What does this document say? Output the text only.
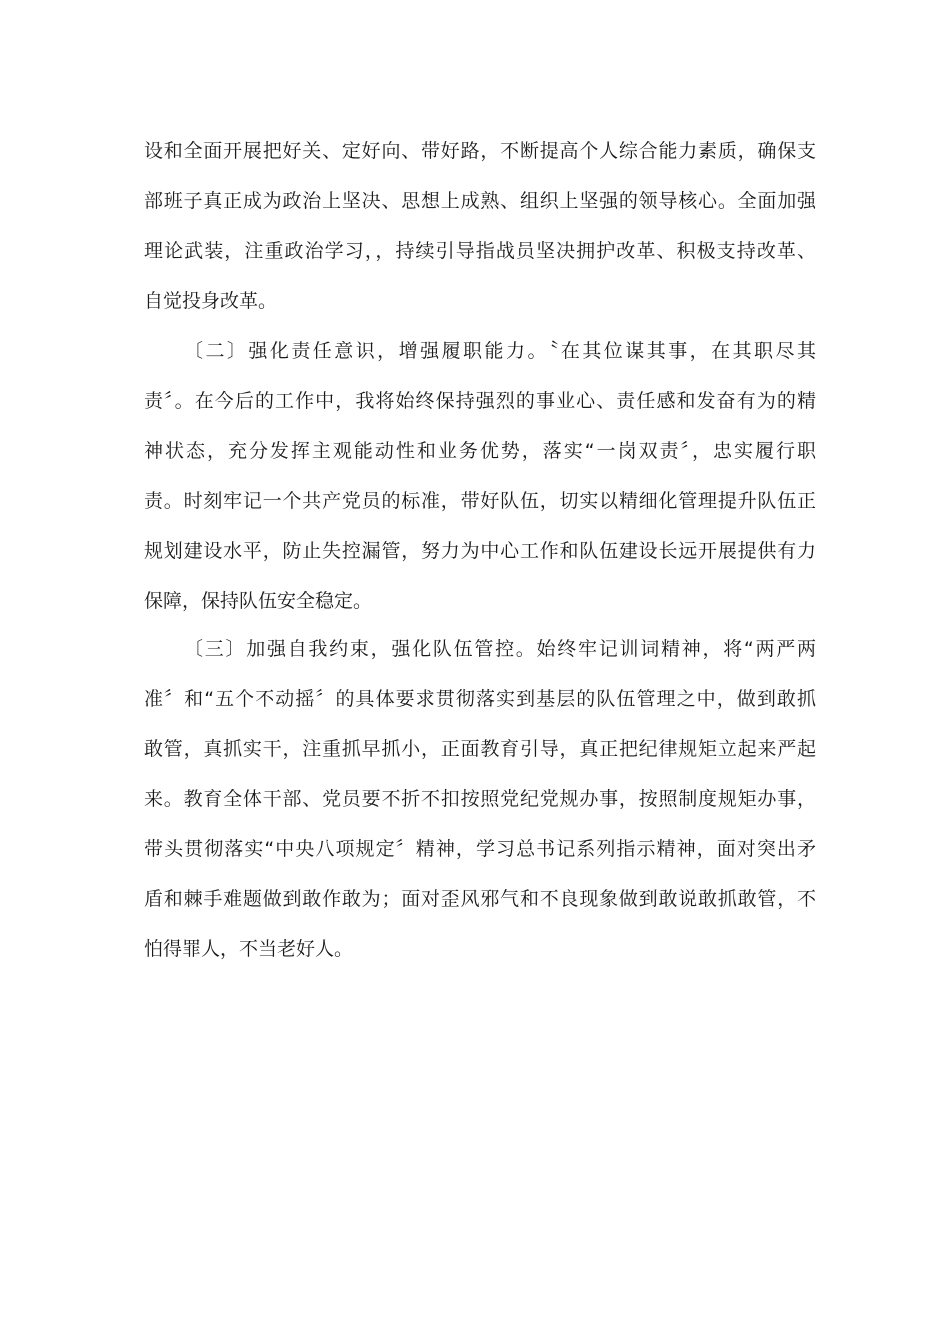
设和全面开展把好关、定好向、带好路，不断提高个人综合能力素质，确保支
部班子真正成为政治上坚决、思想上成熟、组织上坚强的领导核心。全面加强
理论武装，注重政治学习，，持续引导指战员坚决拥护改革、积极支持改革、
自觉投身改革。
〔二〕强化责任意识，增强履职能力。〝在其位谋其事，在其职尽其
责〞。在今后的工作中，我将始终保持强烈的事业心、责任感和发奋有为的精
神状态，充分发挥主观能动性和业务优势，落实“一岗双责〞，忠实履行职
责。时刻牢记一个共产党员的标准，带好队伍，切实以精细化管理提升队伍正
规划建设水平，防止失控漏管，努力为中心工作和队伍建设长远开展提供有力
保障，保持队伍安全稳定。
〔三〕加强自我约束，强化队伍管控。始终牢记训词精神，将“两严两
准〞和“五个不动摇〞的具体要求贯彻落实到基层的队伍管理之中，做到敢抓
敢管，真抓实干，注重抓早抓小，正面教育引导，真正把纪律规矩立起来严起
来。教育全体干部、党员要不折不扣按照党纪党规办事，按照制度规矩办事，
带头贯彻落实“中央八项规定〞精神，学习总书记系列指示精神，面对突出矛
盾和棘手难题做到敢作敢为；面对歪风邪气和不良现象做到敢说敢抓敢管，不
怕得罪人，不当老好人。
